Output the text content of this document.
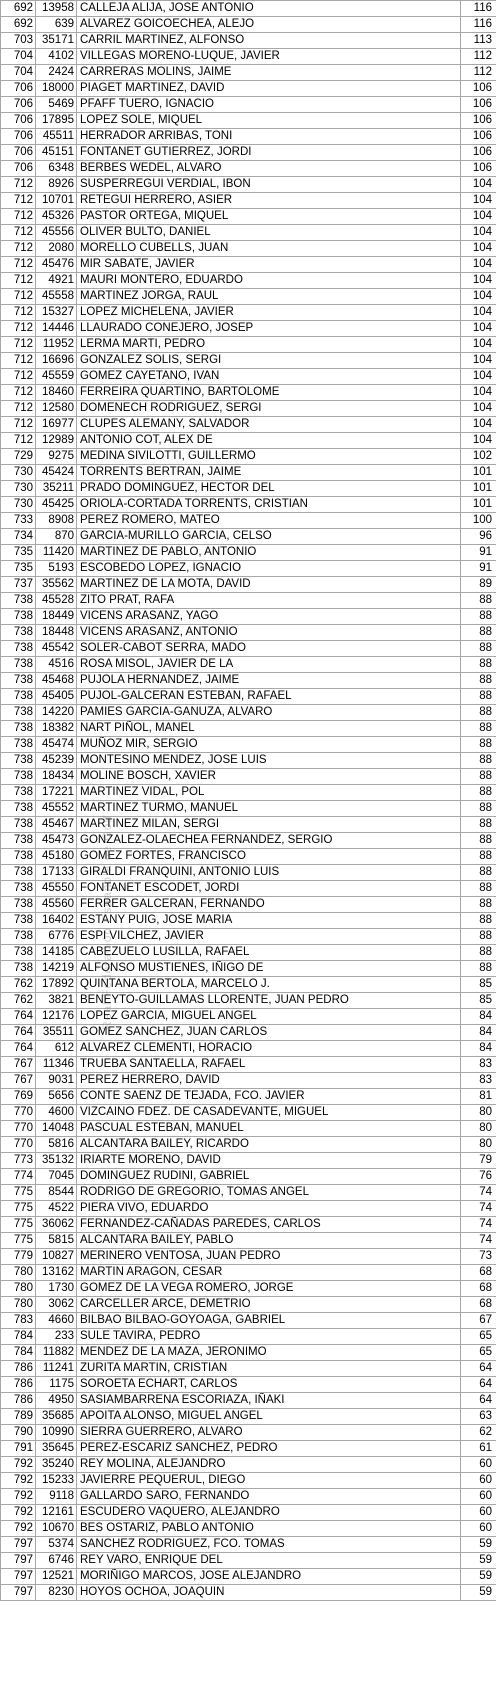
692	13958	CALLEJA ALIJA, JOSE ANTONIO	116
692	639	ALVAREZ GOICOECHEA, ALEJO	116
703	35171	CARRIL MARTINEZ, ALFONSO	113
704	4102	VILLEGAS MORENO-LUQUE, JAVIER	112
704	2424	CARRERAS MOLINS, JAIME	112
706	18000	PIAGET MARTINEZ, DAVID	106
706	5469	PFAFF TUERO, IGNACIO	106
706	17895	LOPEZ SOLE, MIQUEL	106
706	45511	HERRADOR ARRIBAS, TONI	106
706	45151	FONTANET GUTIERREZ, JORDI	106
706	6348	BERBES WEDEL, ALVARO	106
712	8926	SUSPERREGUI VERDIAL, IBON	104
712	10701	RETEGUI HERRERO, ASIER	104
712	45326	PASTOR ORTEGA, MIQUEL	104
712	45556	OLIVER BULTO, DANIEL	104
712	2080	MORELLO CUBELLS, JUAN	104
712	45476	MIR SABATE, JAVIER	104
712	4921	MAURI MONTERO, EDUARDO	104
712	45558	MARTINEZ JORGA, RAUL	104
712	15327	LOPEZ MICHELENA, JAVIER	104
712	14446	LLAURADO CONEJERO, JOSEP	104
712	11952	LERMA MARTI, PEDRO	104
712	16696	GONZALEZ SOLIS, SERGI	104
712	45559	GOMEZ CAYETANO, IVAN	104
712	18460	FERREIRA QUARTINO, BARTOLOME	104
712	12580	DOMENECH RODRIGUEZ, SERGI	104
712	16977	CLUPES ALEMANY, SALVADOR	104
712	12989	ANTONIO COT, ALEX DE	104
729	9275	MEDINA SIVILOTTI, GUILLERMO	102
730	45424	TORRENTS BERTRAN, JAIME	101
730	35211	PRADO DOMINGUEZ, HECTOR DEL	101
730	45425	ORIOLA-CORTADA TORRENTS, CRISTIAN	101
733	8908	PEREZ ROMERO, MATEO	100
734	870	GARCIA-MURILLO GARCIA, CELSO	96
735	11420	MARTINEZ DE PABLO, ANTONIO	91
735	5193	ESCOBEDO LOPEZ, IGNACIO	91
737	35562	MARTINEZ DE LA MOTA, DAVID	89
738	45528	ZITO PRAT, RAFA	88
738	18449	VICENS ARASANZ, YAGO	88
738	18448	VICENS ARASANZ, ANTONIO	88
738	45542	SOLER-CABOT SERRA, MADO	88
738	4516	ROSA MISOL, JAVIER DE LA	88
738	45468	PUJOLA HERNANDEZ, JAIME	88
738	45405	PUJOL-GALCERAN ESTEBAN, RAFAEL	88
738	14220	PAMIES GARCIA-GANUZA, ALVARO	88
738	18382	NART PIÑOL, MANEL	88
738	45474	MUÑOZ MIR, SERGIO	88
738	45239	MONTESINO MENDEZ, JOSE LUIS	88
738	18434	MOLINE BOSCH, XAVIER	88
738	17221	MARTINEZ VIDAL, POL	88
738	45552	MARTINEZ TURMO, MANUEL	88
738	45467	MARTINEZ MILAN, SERGI	88
738	45473	GONZALEZ-OLAECHEA FERNANDEZ, SERGIO	88
738	45180	GOMEZ FORTES, FRANCISCO	88
738	17133	GIRALDI FRANQUINI, ANTONIO LUIS	88
738	45550	FONTANET ESCODET, JORDI	88
738	45560	FERRER GALCERAN, FERNANDO	88
738	16402	ESTANY PUIG, JOSE MARIA	88
738	6776	ESPI VILCHEZ, JAVIER	88
738	14185	CABEZUELO LUSILLA, RAFAEL	88
738	14219	ALFONSO MUSTIENES, IÑIGO DE	88
762	17892	QUINTANA BERTOLA, MARCELO J.	85
762	3821	BENEYTO-GUILLAMAS LLORENTE, JUAN PEDRO	85
764	12176	LOPEZ GARCIA, MIGUEL ANGEL	84
764	35511	GOMEZ SANCHEZ, JUAN CARLOS	84
764	612	ALVAREZ CLEMENTI, HORACIO	84
767	11346	TRUEBA SANTAELLA, RAFAEL	83
767	9031	PEREZ HERRERO, DAVID	83
769	5656	CONTE SAENZ DE TEJADA, FCO. JAVIER	81
770	4600	VIZCAINO FDEZ. DE CASADEVANTE, MIGUEL	80
770	14048	PASCUAL ESTEBAN, MANUEL	80
770	5816	ALCANTARA BAILEY, RICARDO	80
773	35132	IRIARTE MORENO, DAVID	79
774	7045	DOMINGUEZ RUDINI, GABRIEL	76
775	8544	RODRIGO DE GREGORIO, TOMAS ANGEL	74
775	4522	PIERA VIVO, EDUARDO	74
775	36062	FERNANDEZ-CAÑADAS PAREDES, CARLOS	74
775	5815	ALCANTARA BAILEY, PABLO	74
779	10827	MERINERO VENTOSA, JUAN PEDRO	73
780	13162	MARTIN ARAGON, CESAR	68
780	1730	GOMEZ DE LA VEGA ROMERO, JORGE	68
780	3062	CARCELLER ARCE, DEMETRIO	68
783	4660	BILBAO BILBAO-GOYOAGA, GABRIEL	67
784	233	SULE TAVIRA, PEDRO	65
784	11882	MENDEZ DE LA MAZA, JERONIMO	65
786	11241	ZURITA MARTIN, CRISTIAN	64
786	1175	SOROETA ECHART, CARLOS	64
786	4950	SASIAMBARRENA ESCORIAZA, IÑAKI	64
789	35685	APOITA ALONSO, MIGUEL ANGEL	63
790	10990	SIERRA GUERRERO, ALVARO	62
791	35645	PEREZ-ESCARIZ SANCHEZ, PEDRO	61
792	35240	REY MOLINA, ALEJANDRO	60
792	15233	JAVIERRE PEQUERUL, DIEGO	60
792	9118	GALLARDO SARO, FERNANDO	60
792	12161	ESCUDERO VAQUERO, ALEJANDRO	60
792	10670	BES OSTARIZ, PABLO ANTONIO	60
797	5374	SANCHEZ RODRIGUEZ, FCO. TOMAS	59
797	6746	REY VARO, ENRIQUE DEL	59
797	12521	MORIÑIGO MARCOS, JOSE ALEJANDRO	59
797	8230	HOYOS OCHOA, JOAQUIN	59
Real Federación Española de Golf
